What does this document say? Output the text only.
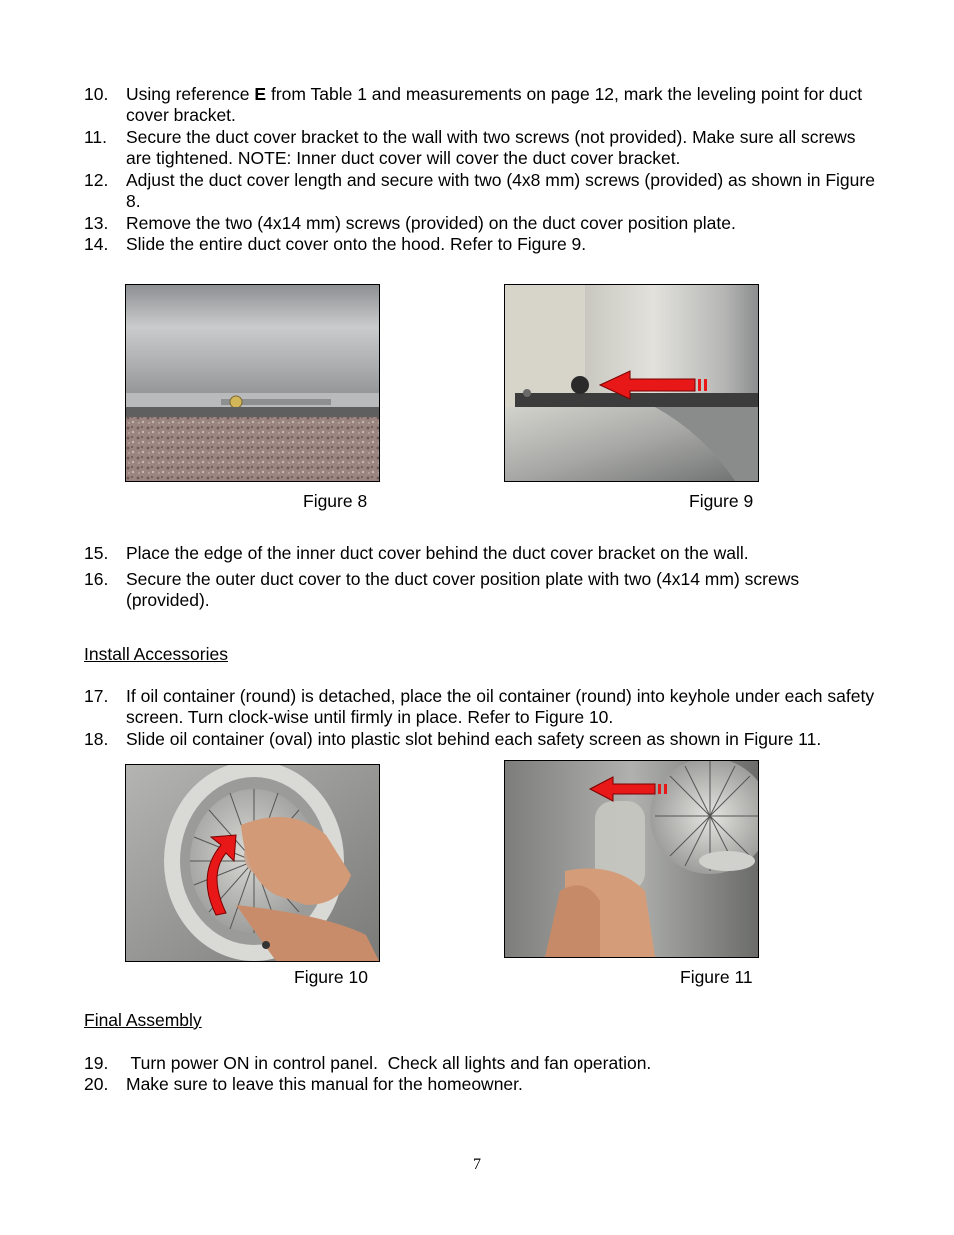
10. Using reference E from Table 1 and measurements on page 12, mark the leveling point for duct cover bracket.
11. Secure the duct cover bracket to the wall with two screws (not provided). Make sure all screws are tightened. NOTE: Inner duct cover will cover the duct cover bracket.
12. Adjust the duct cover length and secure with two (4x8 mm) screws (provided) as shown in Figure 8.
13. Remove the two (4x14 mm) screws (provided) on the duct cover position plate.
14. Slide the entire duct cover onto the hood. Refer to Figure 9.
Figure 8	Figure 9
15. Place the edge of the inner duct cover behind the duct cover bracket on the wall.
16. Secure the outer duct cover to the duct cover position plate with two (4x14 mm) screws (provided).
Install Accessories
17. If oil container (round) is detached, place the oil container (round) into keyhole under each safety screen. Turn clock-wise until firmly in place. Refer to Figure 10.
18. Slide oil container (oval) into plastic slot behind each safety screen as shown in Figure 11.
Figure 10	Figure 11
Final Assembly
19. Turn power ON in control panel.  Check all lights and fan operation.
20. Make sure to leave this manual for the homeowner.
7
